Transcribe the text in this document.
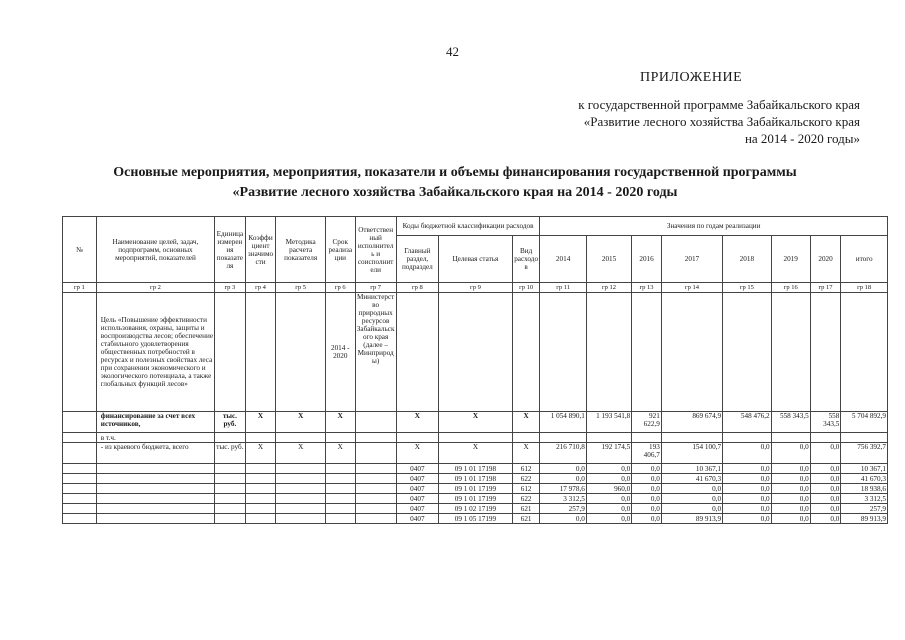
42
ПРИЛОЖЕНИЕ
к государственной программе Забайкальского края
«Развитие лесного хозяйства Забайкальского края
на 2014 - 2020 годы»
Основные мероприятия, мероприятия, показатели и объемы финансирования государственной программы
«Развитие лесного хозяйства Забайкальского края на 2014 - 2020 годы
№	Наименование целей, задач, подпрограмм, основных мероприятий, показателей	Единица измерения показателя	Коэффициент значимости	Методика расчета показателя	Срок реализации	Ответственный исполнитель и соисполнители	Коды бюджетной классификации расходов			Значения по годам реализации							
							Главный раздел, подраздел	Целевая статья	Вид расходов	2014	2015	2016	2017	2018	2019	2020	итого
гр 1	гр 2	гр 3	гр 4	гр 5	гр 6	гр 7	гр 8	гр 9	гр 10	гр 11	гр 12	гр 13	гр 14	гр 15	гр 16	гр 17	гр 18
	Цель «Повышение эффективности использования, охраны, защиты и воспроизводства лесов; обеспечение стабильного удовлетворения общественных потребностей в ресурсах и полезных свойствах леса при сохранении экономического и экологического потенциала, а также глобальных функций лесов»				2014 - 2020	Министерство природных ресурсов Забайкальского края (далее – Минприроды)											
	финансирование за счет всех источников,	тыс. руб.	X	X	X		X	X	X	1 054 890,1	1 193 541,8	921 622,9	869 674,9	548 476,2	558 343,5	558 343,5	5 704 892,9
	в т.ч.																
	- из краевого бюджета, всего	тыс. руб.	X	X	X		X	X	X	216 710,8	192 174,5	193 406,7	154 100,7	0,0	0,0	0,0	756 392,7
							0407	09 1 01 17198	612	0,0	0,0	0,0	10 367,1	0,0	0,0	0,0	10 367,1
							0407	09 1 01 17198	622	0,0	0,0	0,0	41 670,3	0,0	0,0	0,0	41 670,3
							0407	09 1 01 17199	612	17 978,6	960,0	0,0	0,0	0,0	0,0	0,0	18 938,6
							0407	09 1 01 17199	622	3 312,5	0,0	0,0	0,0	0,0	0,0	0,0	3 312,5
							0407	09 1 02 17199	621	257,9	0,0	0,0	0,0	0,0	0,0	0,0	257,9
							0407	09 1 05 17199	621	0,0	0,0	0,0	89 913,9	0,0	0,0	0,0	89 913,9
